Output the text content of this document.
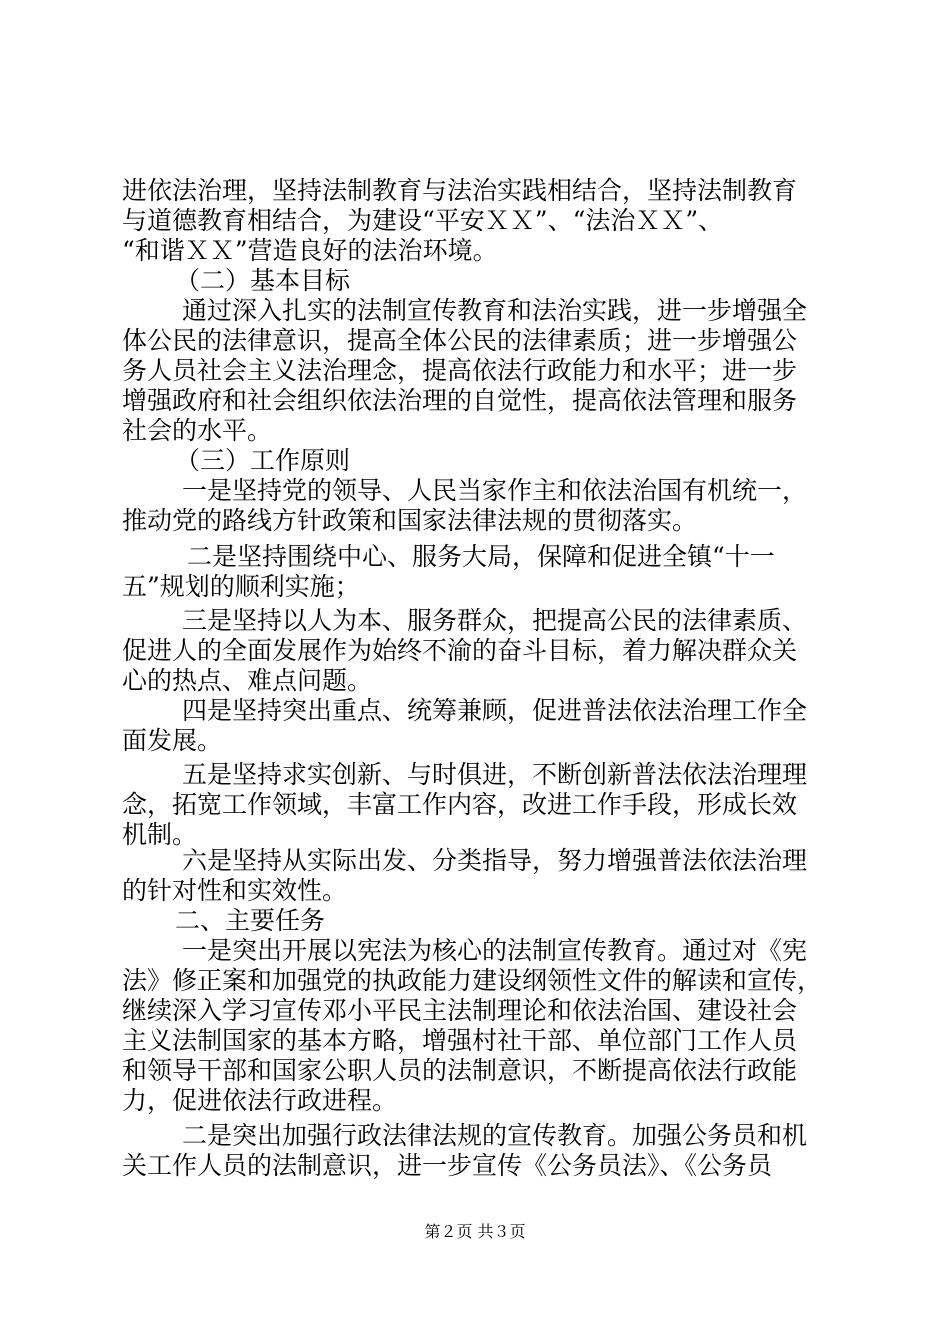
进依法治理，坚持法制教育与法治实践相结合，坚持法制教育

与道德教育相结合，为建设“平安ＸＸ”、“法治ＸＸ”、

“和谐ＸＸ”营造良好的法治环境。

（二）基本目标

通过深入扎实的法制宣传教育和法治实践，进一步增强全

体公民的法律意识，提高全体公民的法律素质；进一步增强公

务人员社会主义法治理念，提高依法行政能力和水平；进一步

增强政府和社会组织依法治理的自觉性，提高依法管理和服务

社会的水平。

（三）工作原则

一是坚持党的领导、人民当家作主和依法治国有机统一，

推动党的路线方针政策和国家法律法规的贯彻落实。

二是坚持围绕中心、服务大局，保障和促进全镇“十一

五”规划的顺利实施；

三是坚持以人为本、服务群众，把提高公民的法律素质、

促进人的全面发展作为始终不渝的奋斗目标，着力解决群众关

心的热点、难点问题。

四是坚持突出重点、统筹兼顾，促进普法依法治理工作全

面发展。

五是坚持求实创新、与时俱进，不断创新普法依法治理理

念，拓宽工作领域，丰富工作内容，改进工作手段，形成长效

机制。

六是坚持从实际出发、分类指导，努力增强普法依法治理

的针对性和实效性。

二、主要任务

一是突出开展以宪法为核心的法制宣传教育。通过对《宪

法》修正案和加强党的执政能力建设纲领性文件的解读和宣传，

继续深入学习宣传邓小平民主法制理论和依法治国、建设社会

主义法制国家的基本方略，增强村社干部、单位部门工作人员

和领导干部和国家公职人员的法制意识，不断提高依法行政能

力，促进依法行政进程。

二是突出加强行政法律法规的宣传教育。加强公务员和机

关工作人员的法制意识，进一步宣传《公务员法》、《公务员

第２页 共３页
